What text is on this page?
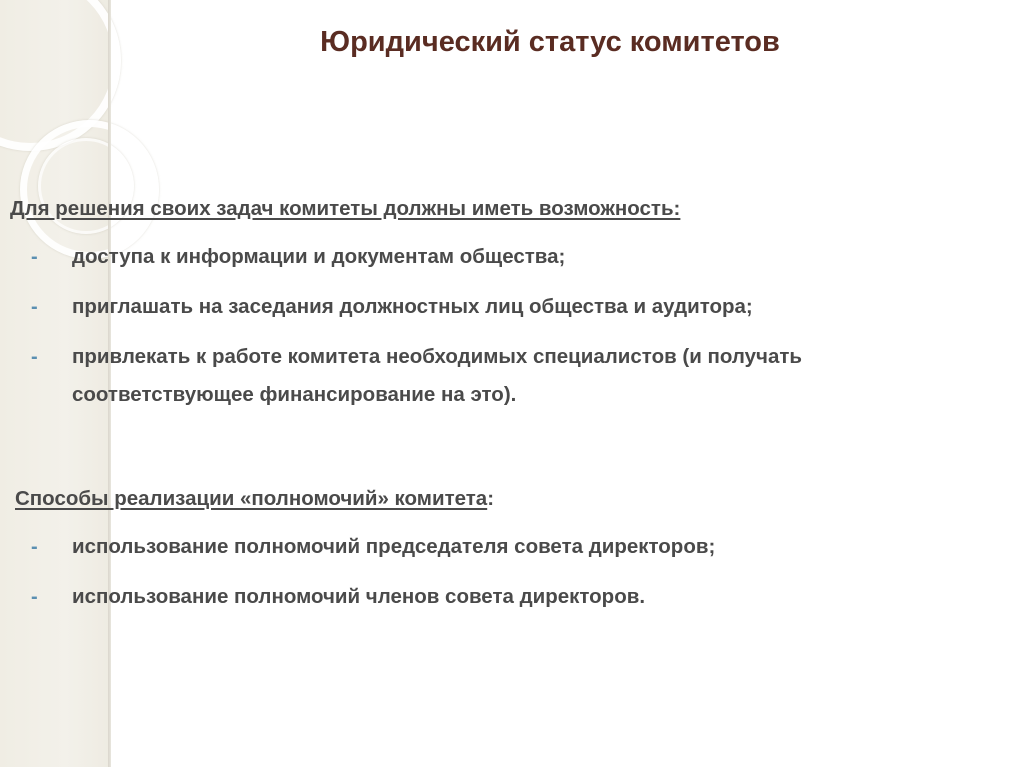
Юридический статус комитетов
Для решения своих задач комитеты должны иметь возможность:
- доступа к информации и документам общества;
- приглашать на заседания должностных лиц общества и аудитора;
- привлекать к работе комитета необходимых специалистов (и получать соответствующее финансирование на это).
Способы реализации «полномочий» комитета:
- использование полномочий председателя совета директоров;
- использование полномочий членов совета директоров.
